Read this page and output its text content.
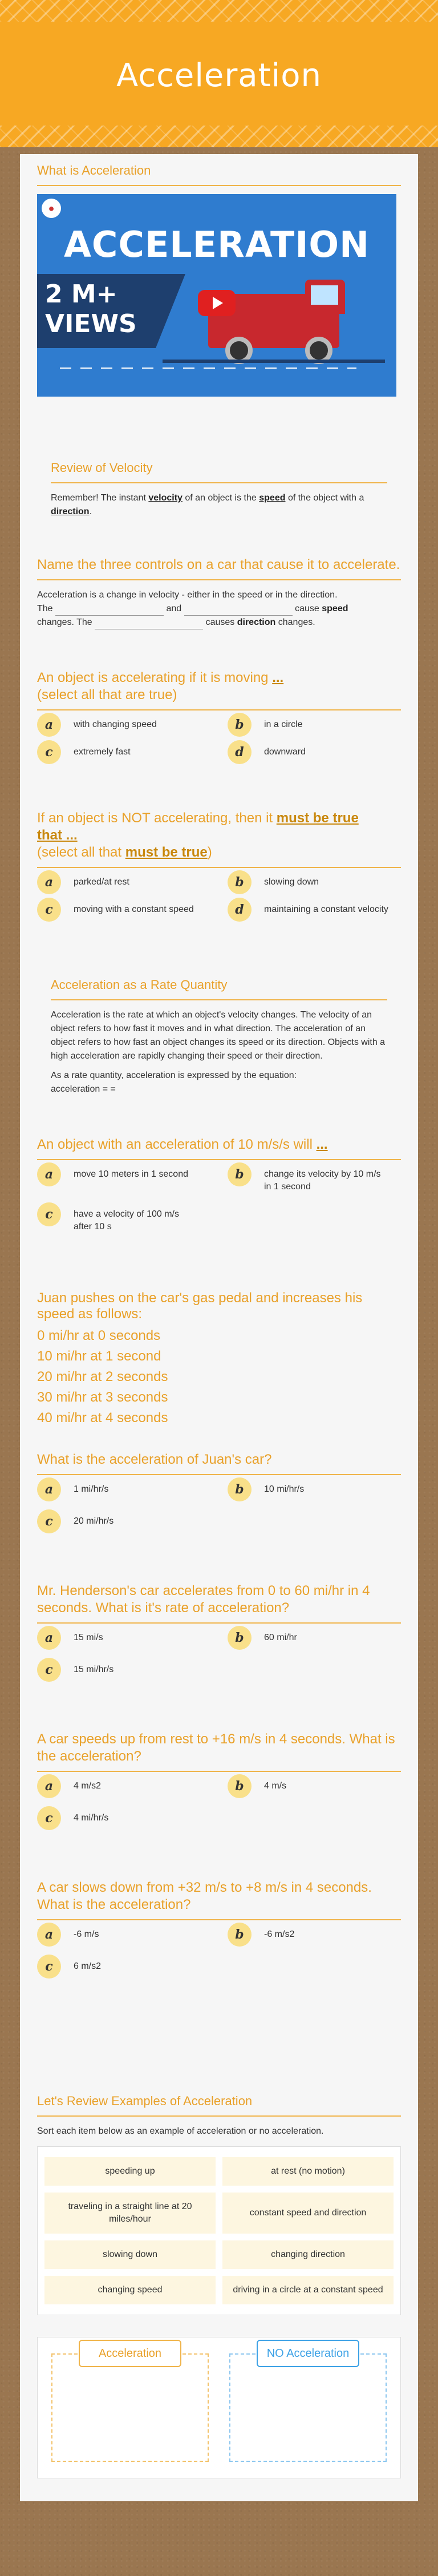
Acceleration
What is Acceleration
●
ACCELERATION
2 M+
VIEWS
Review of Velocity

Remember! The instant velocity of an object is the speed of the object with a direction.

Name the three controls on a car that cause it to accelerate.

Acceleration is a change in velocity - either in the speed or in the direction.

The	and	cause speed

changes. The	causes direction changes.

An object is accelerating if it is moving ...
(select all that are true)
a	with changing speed	b	in a circle
c	extremely fast	d	downward
If an object is NOT accelerating, then it must be true
that ...
(select all that must be true)
a	parked/at rest	b	slowing down
c	moving with a constant speed	d	maintaining a constant velocity
Acceleration as a Rate Quantity

Acceleration is the rate at which an object's velocity changes. The velocity of an object refers to how fast it moves and in what direction. The acceleration of an object refers to how fast an object changes its speed or its direction. Objects with a high acceleration are rapidly changing their speed or their direction.

As a rate quantity, acceleration is expressed by the equation:

acceleration = =

An object with an acceleration of 10 m/s/s will ...
a	move 10 meters in 1 second	b	change its velocity by 10 m/s in 1 second
c	have a velocity of 100 m/s after 10 s
Juan pushes on the car's gas pedal and increases his speed as follows:
0 mi/hr at 0 seconds
10 mi/hr at 1 second
20 mi/hr at 2 seconds
30 mi/hr at 3 seconds
40 mi/hr at 4 seconds
What is the acceleration of Juan's car?
a	1 mi/hr/s	b	10 mi/hr/s
c	20 mi/hr/s
Mr. Henderson's car accelerates from 0 to 60 mi/hr in 4 seconds. What is it's rate of acceleration?
a	15 mi/s	b	60 mi/hr
c	15 mi/hr/s
A car speeds up from rest to +16 m/s in 4 seconds. What is the acceleration?
a	4 m/s2	b	4 m/s
c	4 mi/hr/s
A car slows down from +32 m/s to +8 m/s in 4 seconds. What is the acceleration?
a	-6 m/s	b	-6 m/s2
c	6 m/s2
Let's Review Examples of Acceleration

Sort each item below as an example of acceleration or no acceleration.

speeding up	at rest (no motion)
traveling in a straight line at 20 miles/hour
constant speed and direction
slowing down	changing direction
changing speed	driving in a circle at a constant speed
Acceleration	NO Acceleration
